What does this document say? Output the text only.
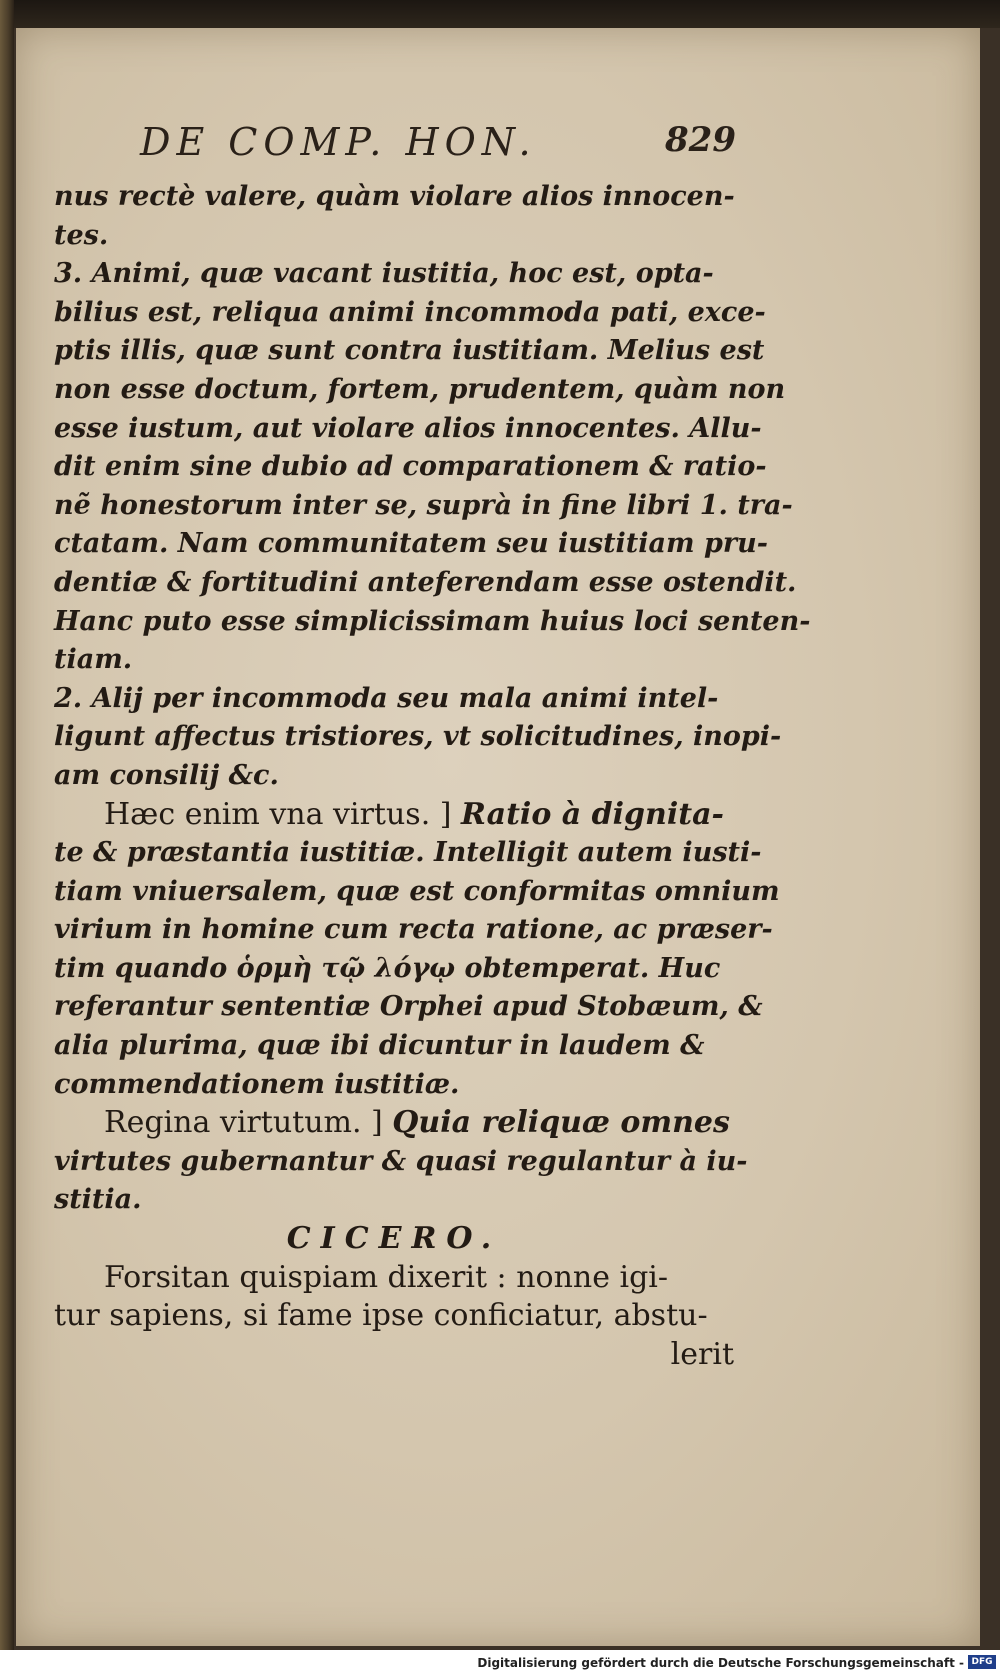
DE COMP. HON.	829
nus rectè valere, quàm violare alios innocen-
tes.
3. Animi, quæ vacant iustitia, hoc est, opta-
bilius est, reliqua animi incommoda pati, exce-
ptis illis, quæ sunt contra iustitiam. Melius est
non esse doctum, fortem, prudentem, quàm non
esse iustum, aut violare alios innocentes. Allu-
dit enim sine dubio ad comparationem & ratio-
nẽ honestorum inter se, suprà in fine libri 1. tra-
ctatam. Nam communitatem seu iustitiam pru-
dentiæ & fortitudini anteferendam esse ostendit.
Hanc puto esse simplicissimam huius loci senten-
tiam.
2. Alij per incommoda seu mala animi intel-
ligunt affectus tristiores, vt solicitudines, inopi-
am consilij &c.
Hæc enim vna virtus. ] Ratio à dignita-
te & præstantia iustitiæ. Intelligit autem iusti-
tiam vniuersalem, quæ est conformitas omnium
virium in homine cum recta ratione, ac præser-
tim quando ὁρμὴ τῷ λόγῳ obtemperat. Huc
referantur sententiæ Orphei apud Stobæum, &
alia plurima, quæ ibi dicuntur in laudem &
commendationem iustitiæ.
Regina virtutum. ] Quia reliquæ omnes
virtutes gubernantur & quasi regulantur à iu-
stitia.
CICERO.
Forsitan quispiam dixerit : nonne igi-
tur sapiens, si fame ipse conficiatur, abstu-
lerit
Digitalisierung gefördert durch die Deutsche Forschungsgemeinschaft - DFG
